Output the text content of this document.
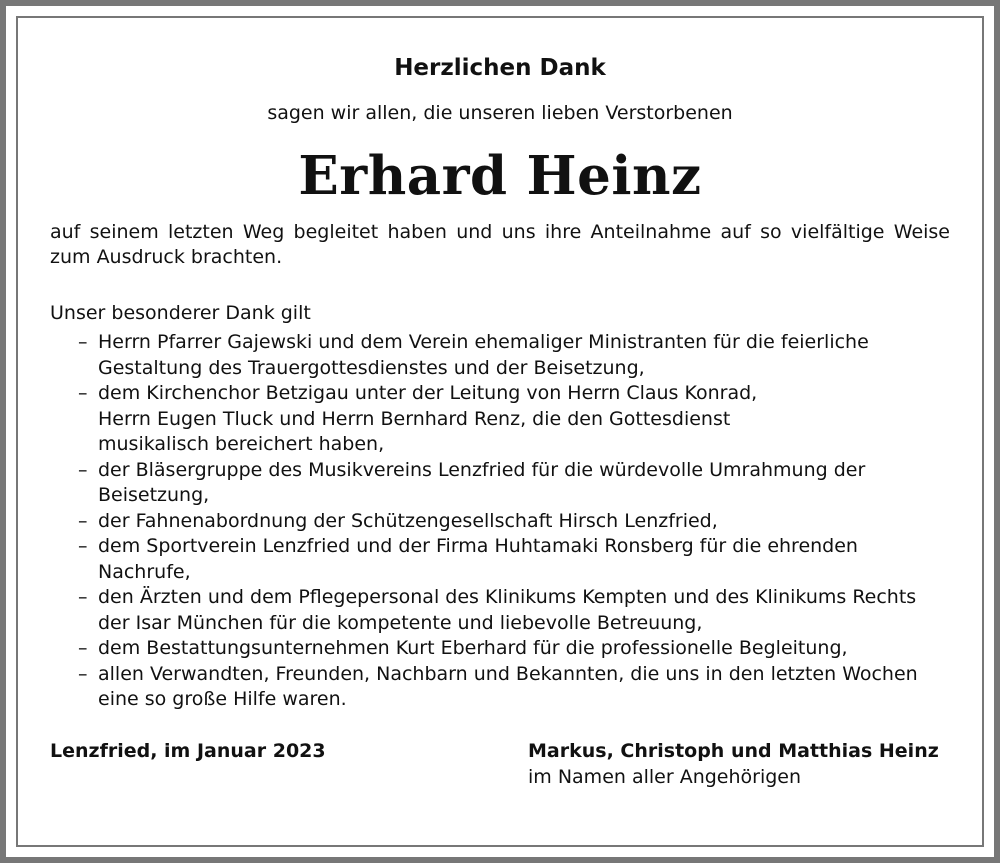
Herzlichen Dank
sagen wir allen, die unseren lieben Verstorbenen
Erhard Heinz
auf seinem letzten Weg begleitet haben und uns ihre Anteilnahme auf so vielfältige Weise zum Ausdruck brachten.
Unser besonderer Dank gilt
– Herrn Pfarrer Gajewski und dem Verein ehemaliger Ministranten für die feierliche Gestaltung des Trauergottesdienstes und der Beisetzung,
– dem Kirchenchor Betzigau unter der Leitung von Herrn Claus Konrad,
Herrn Eugen Tluck und Herrn Bernhard Renz, die den Gottesdienst
musikalisch bereichert haben,
– der Bläsergruppe des Musikvereins Lenzfried für die würdevolle Umrahmung der Beisetzung,
– der Fahnenabordnung der Schützengesellschaft Hirsch Lenzfried,
– dem Sportverein Lenzfried und der Firma Huhtamaki Ronsberg für die ehrenden Nachrufe,
– den Ärzten und dem Pflegepersonal des Klinikums Kempten und des Klinikums Rechts der Isar München für die kompetente und liebevolle Betreuung,
– dem Bestattungsunternehmen Kurt Eberhard für die professionelle Begleitung,
– allen Verwandten, Freunden, Nachbarn und Bekannten, die uns in den letzten Wochen eine so große Hilfe waren.
Lenzfried, im Januar 2023	Markus, Christoph und Matthias Heinz
im Namen aller Angehörigen
